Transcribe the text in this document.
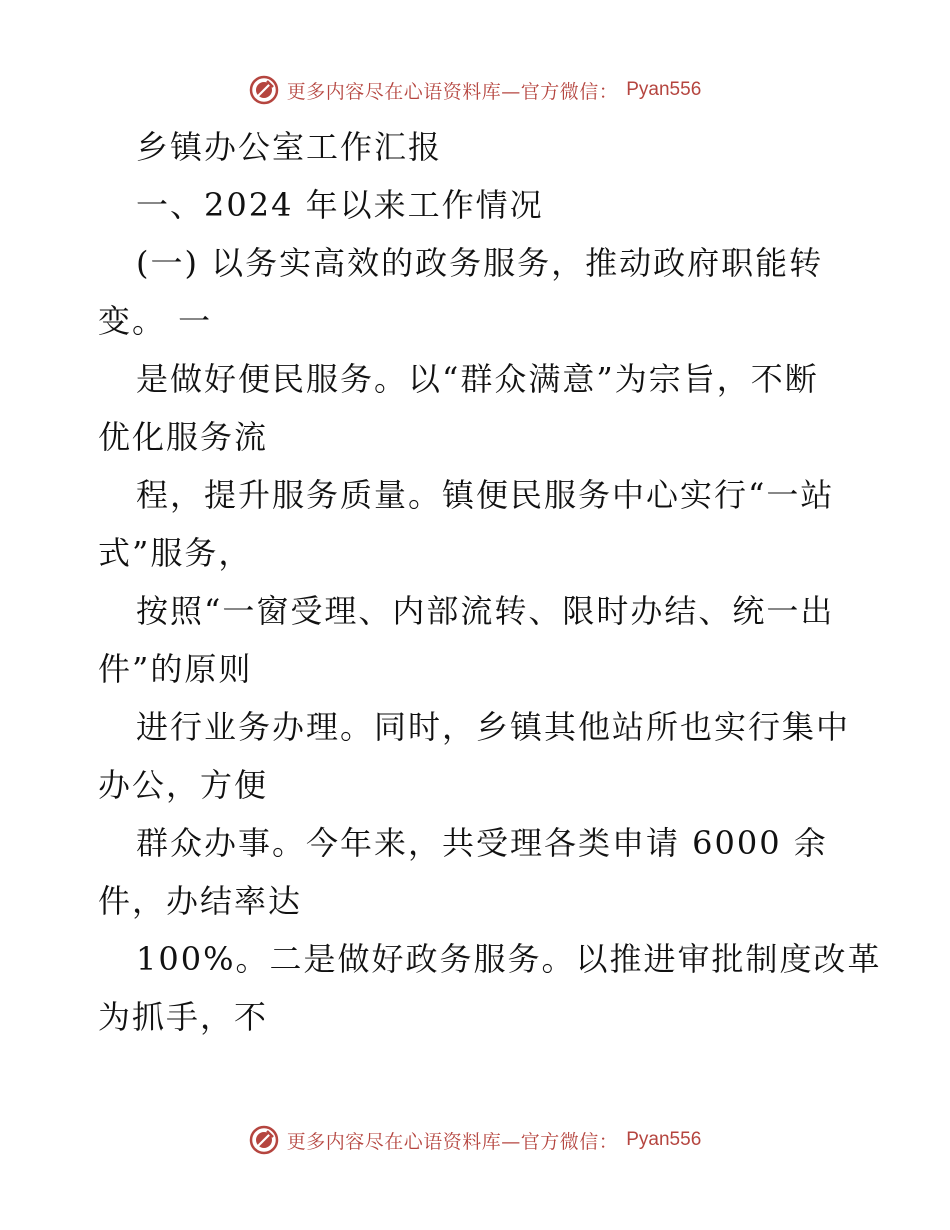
更多内容尽在心语资料库—官方微信： Pyan556
乡镇办公室工作汇报
一、2024 年以来工作情况
(一) 以务实高效的政务服务，推动政府职能转
变。 一
是做好便民服务。以“群众满意”为宗旨，不断
优化服务流
程，提升服务质量。镇便民服务中心实行“一站
式”服务，
按照“一窗受理、内部流转、限时办结、统一出
件”的原则
进行业务办理。同时，乡镇其他站所也实行集中
办公，方便
群众办事。今年来，共受理各类申请 6000 余
件，办结率达
100%。二是做好政务服务。以推进审批制度改革
为抓手，不
更多内容尽在心语资料库—官方微信： Pyan556
